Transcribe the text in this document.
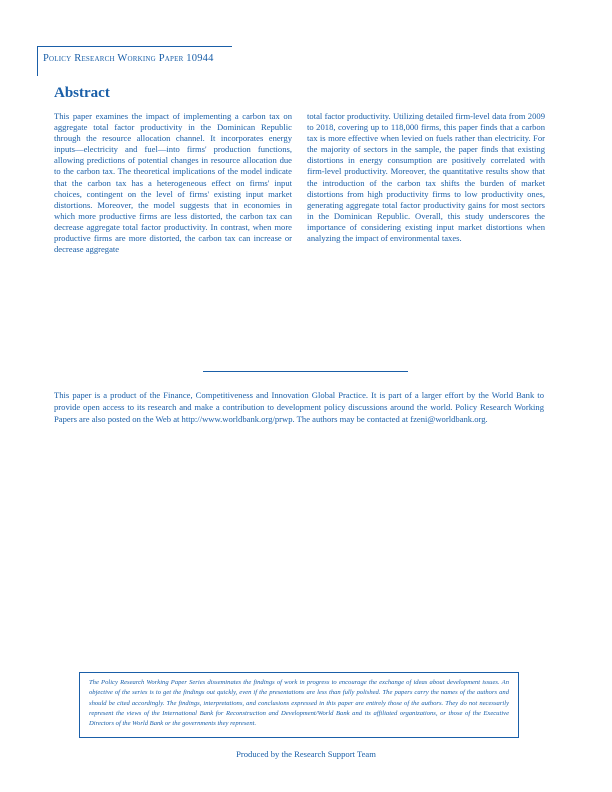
Policy Research Working Paper 10944
Abstract

This paper examines the impact of implementing a carbon tax on aggregate total factor productivity in the Dominican Republic through the resource allocation channel. It incorporates energy inputs—electricity and fuel—into firms' production functions, allowing predictions of potential changes in resource allocation due to the carbon tax. The theoretical implications of the model indicate that the carbon tax has a heterogeneous effect on firms' input choices, contingent on the level of firms' existing input market distortions. Moreover, the model suggests that in economies in which more productive firms are less distorted, the carbon tax can decrease aggregate total factor productivity. In contrast, when more productive firms are more distorted, the carbon tax can increase or decrease aggregate

total factor productivity. Utilizing detailed firm-level data from 2009 to 2018, covering up to 118,000 firms, this paper finds that a carbon tax is more effective when levied on fuels rather than electricity. For the majority of sectors in the sample, the paper finds that existing distortions in energy consumption are positively correlated with firm-level productivity. Moreover, the quantitative results show that the introduction of the carbon tax shifts the burden of market distortions from high productivity firms to low productivity ones, generating aggregate total factor productivity gains for most sectors in the Dominican Republic. Overall, this study underscores the importance of considering existing input market distortions when analyzing the impact of environmental taxes.

This paper is a product of the Finance, Competitiveness and Innovation Global Practice. It is part of a larger effort by the World Bank to provide open access to its research and make a contribution to development policy discussions around the world. Policy Research Working Papers are also posted on the Web at http://www.worldbank.org/prwp. The authors may be contacted at fzeni@worldbank.org.

The Policy Research Working Paper Series disseminates the findings of work in progress to encourage the exchange of ideas about development issues. An objective of the series is to get the findings out quickly, even if the presentations are less than fully polished. The papers carry the names of the authors and should be cited accordingly. The findings, interpretations, and conclusions expressed in this paper are entirely those of the authors. They do not necessarily represent the views of the International Bank for Reconstruction and Development/World Bank and its affiliated organizations, or those of the Executive Directors of the World Bank or the governments they represent.

Produced by the Research Support Team
